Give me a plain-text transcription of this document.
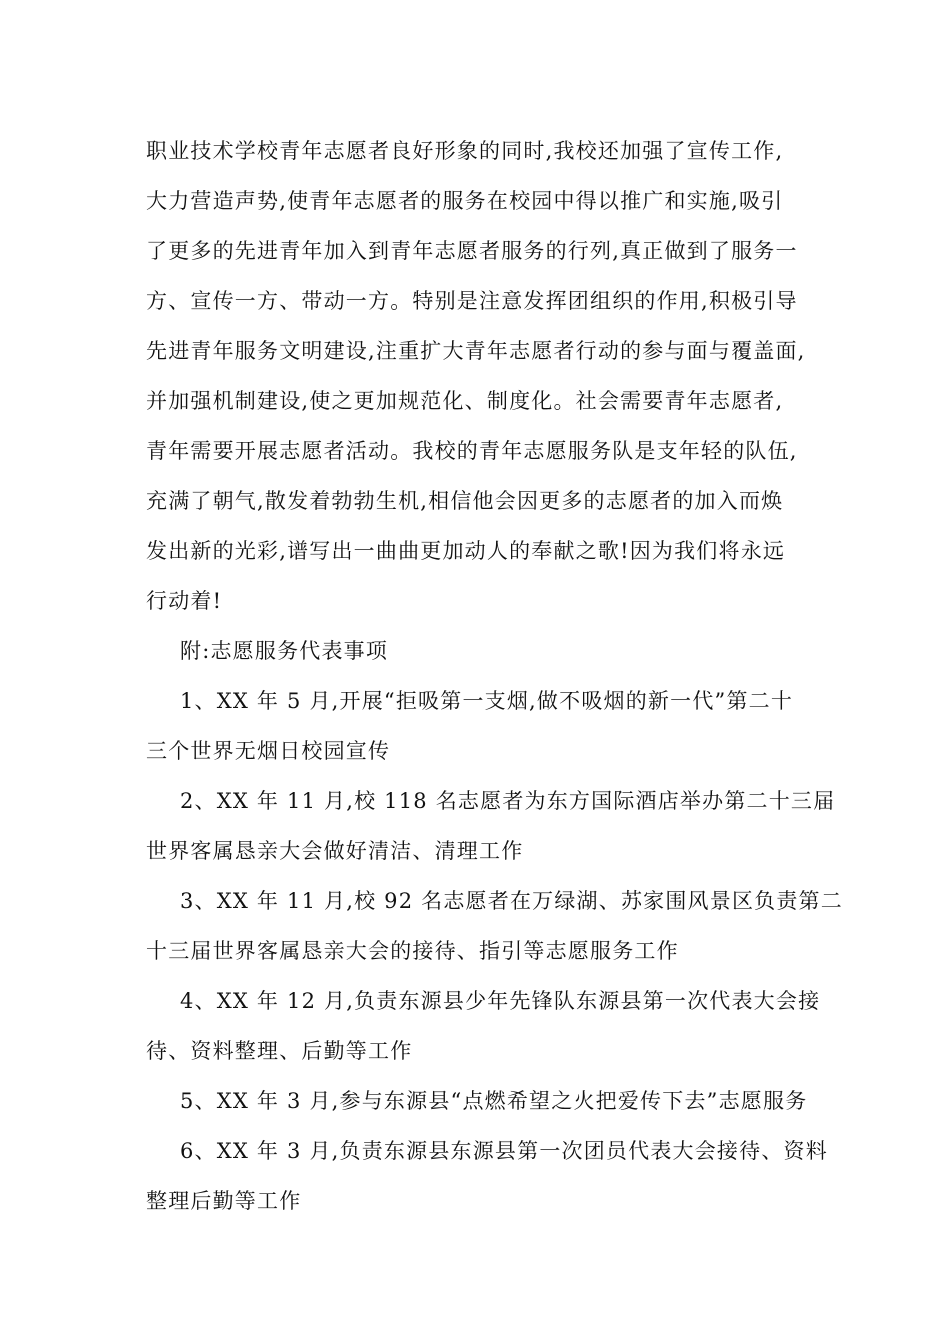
职业技术学校青年志愿者良好形象的同时,我校还加强了宣传工作,
大力营造声势,使青年志愿者的服务在校园中得以推广和实施,吸引
了更多的先进青年加入到青年志愿者服务的行列,真正做到了服务一
方、宣传一方、带动一方。特别是注意发挥团组织的作用,积极引导
先进青年服务文明建设,注重扩大青年志愿者行动的参与面与覆盖面,
并加强机制建设,使之更加规范化、制度化。社会需要青年志愿者,
青年需要开展志愿者活动。我校的青年志愿服务队是支年轻的队伍,
充满了朝气,散发着勃勃生机,相信他会因更多的志愿者的加入而焕
发出新的光彩,谱写出一曲曲更加动人的奉献之歌!因为我们将永远
行动着!
附:志愿服务代表事项
1、XX 年 5 月,开展“拒吸第一支烟,做不吸烟的新一代”第二十
三个世界无烟日校园宣传
2、XX 年 11 月,校 118 名志愿者为东方国际酒店举办第二十三届
世界客属恳亲大会做好清洁、清理工作
3、XX 年 11 月,校 92 名志愿者在万绿湖、苏家围风景区负责第二
十三届世界客属恳亲大会的接待、指引等志愿服务工作
4、XX 年 12 月,负责东源县少年先锋队东源县第一次代表大会接
待、资料整理、后勤等工作
5、XX 年 3 月,参与东源县“点燃希望之火把爱传下去”志愿服务
6、XX 年 3 月,负责东源县东源县第一次团员代表大会接待、资料
整理后勤等工作
